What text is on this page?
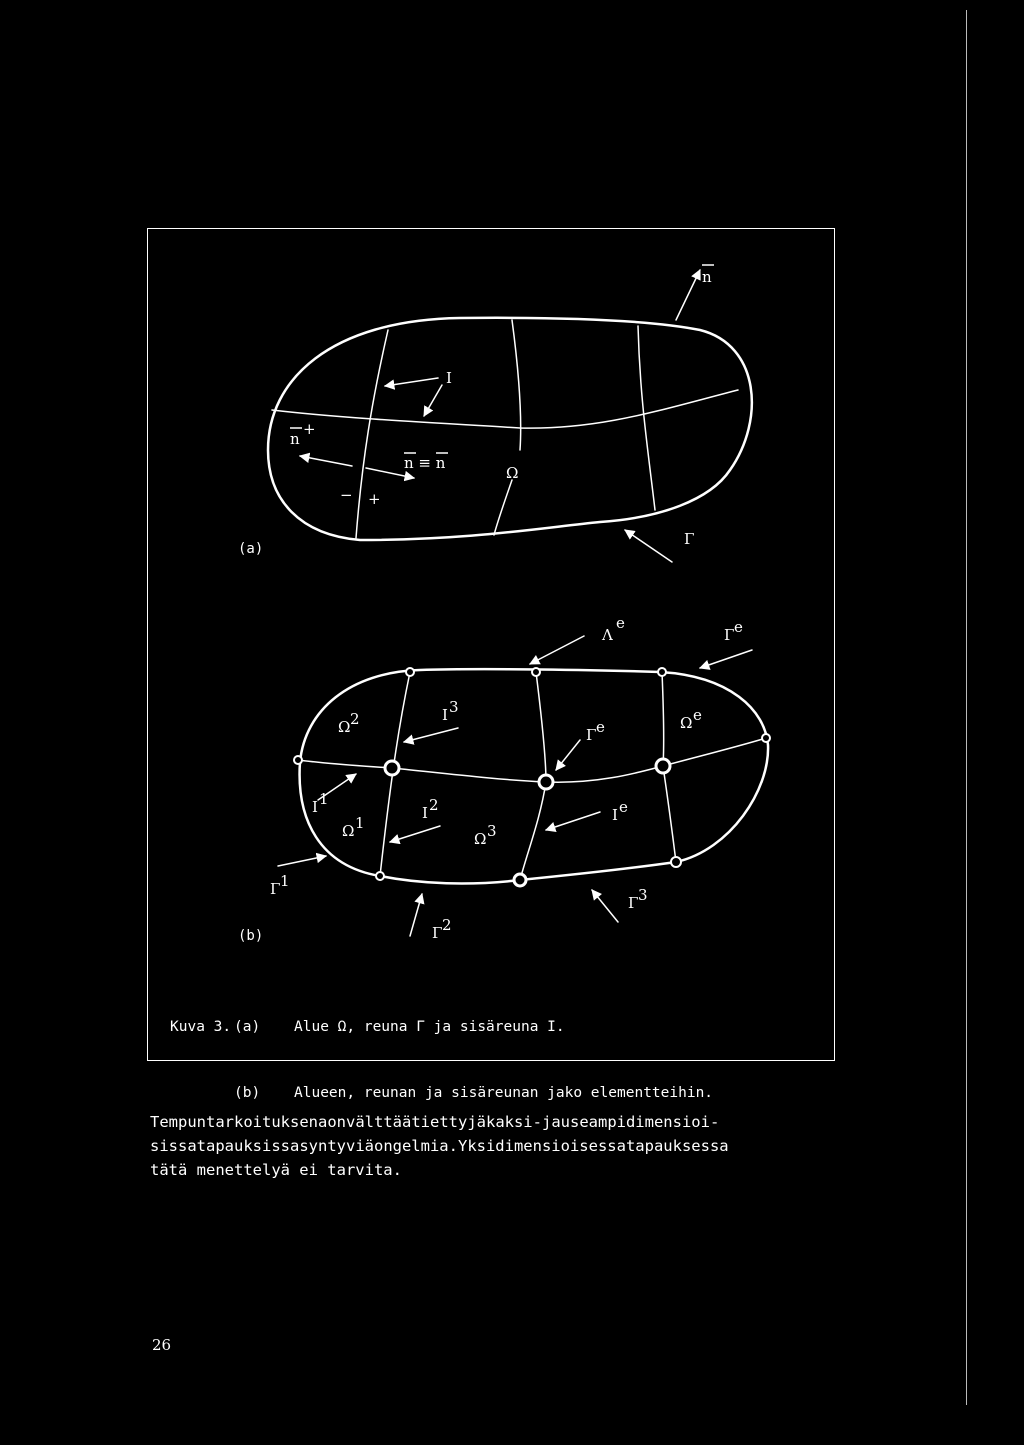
(a)
n
I
n
+
− +
n ≡ n
Ω
Γ
(b)
Λ
e
Γ e
Ω 2	I 3
Γ e	Ω e
I 1
I 2
Ω 1
Ω 3
I e
Γ 1
Γ 2
Γ 3

Kuva 3. (a)	Alue Ω, reuna Γ ja sisäreuna I.

(b)	Alueen, reunan ja sisäreunan jako elementteihin.

Tempuntarkoituksenaonvälttäätiettyjäkaksi-jauseampidimensioi-
sissatapauksissasyntyviäongelmia.Yksidimensioisessatapauksessa
tätä menettelyä ei tarvita.
26
